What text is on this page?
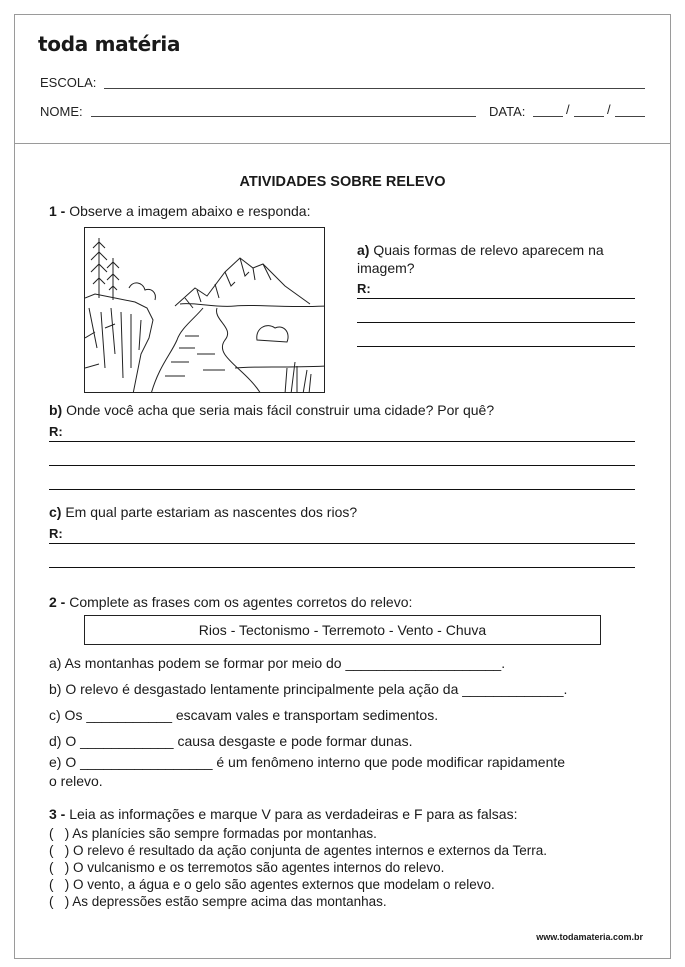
toda matéria
ESCOLA:
NOME:	DATA:	/	/
ATIVIDADES SOBRE RELEVO
1 - Observe a imagem abaixo e responda:
a) Quais formas de relevo aparecem na
imagem?
R:
b) Onde você acha que seria mais fácil construir uma cidade? Por quê?
R:
c) Em qual parte estariam as nascentes dos rios?
R:
2 - Complete as frases com os agentes corretos do relevo:
Rios - Tectonismo - Terremoto - Vento - Chuva
a) As montanhas podem se formar por meio do ____________________.
b) O relevo é desgastado lentamente principalmente pela ação da _____________.
c) Os ___________ escavam vales e transportam sedimentos.
d) O ____________ causa desgaste e pode formar dunas.
e) O _________________ é um fenômeno interno que pode modificar rapidamente
o relevo.
3 - Leia as informações e marque V para as verdadeiras e F para as falsas:
(   ) As planícies são sempre formadas por montanhas.
(   ) O relevo é resultado da ação conjunta de agentes internos e externos da Terra.
(   ) O vulcanismo e os terremotos são agentes internos do relevo.
(   ) O vento, a água e o gelo são agentes externos que modelam o relevo.
(   ) As depressões estão sempre acima das montanhas.
www.todamateria.com.br
